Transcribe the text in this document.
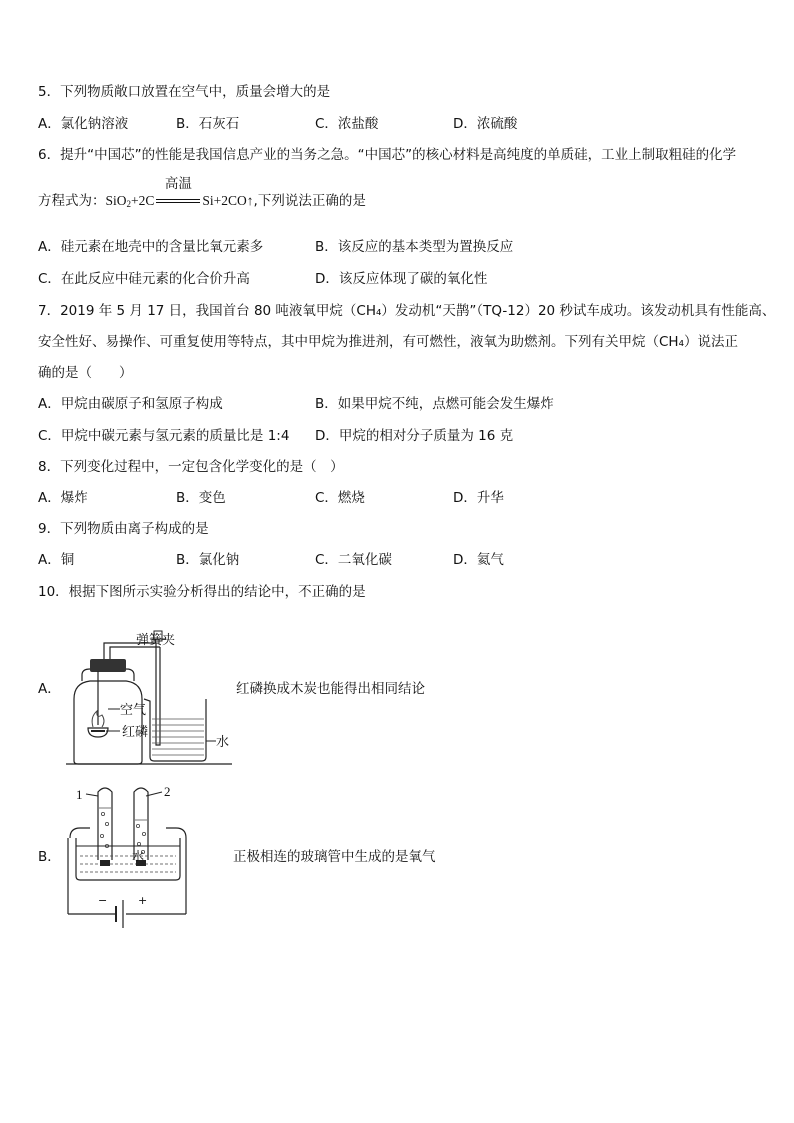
5．下列物质敞口放置在空气中，质量会增大的是
A．氯化钠溶液	B．石灰石	C．浓盐酸	D．浓硫酸
6．提升“中国芯”的性能是我国信息产业的当务之急。“中国芯”的核心材料是高纯度的单质硅，工业上制取粗硅的化学
方程式为：SiO$_2$+2C
高温
Si+2CO↑,下列说法正确的是
A．硅元素在地壳中的含量比氧元素多	B．该反应的基本类型为置换反应
C．在此反应中硅元素的化合价升高	D．该反应体现了碳的氧化性
7．2019 年 5 月 17 日，我国首台 80 吨液氧甲烷（CH₄）发动机“天鹊”（TQ-12）20 秒试车成功。该发动机具有性能高、
安全性好、易操作、可重复使用等特点，其中甲烷为推进剂，有可燃性，液氧为助燃剂。下列有关甲烷（CH₄）说法正
确的是（　　）
A．甲烷由碳原子和氢原子构成	B．如果甲烷不纯，点燃可能会发生爆炸
C．甲烷中碳元素与氢元素的质量比是 1:4 D．甲烷的相对分子质量为 16 克
8．下列变化过程中，一定包含化学变化的是（　）
A．爆炸	B．变色	C．燃烧	D．升华
9．下列物质由离子构成的是
A．铜	B．氯化钠	C．二氧化碳	D．氦气
10．根据下图所示实验分析得出的结论中，不正确的是
A．	红磷换成木炭也能得出相同结论
弹簧夹
空气
红磷
水
B．	正极相连的玻璃管中生成的是氧气
1	2
水
−	+
